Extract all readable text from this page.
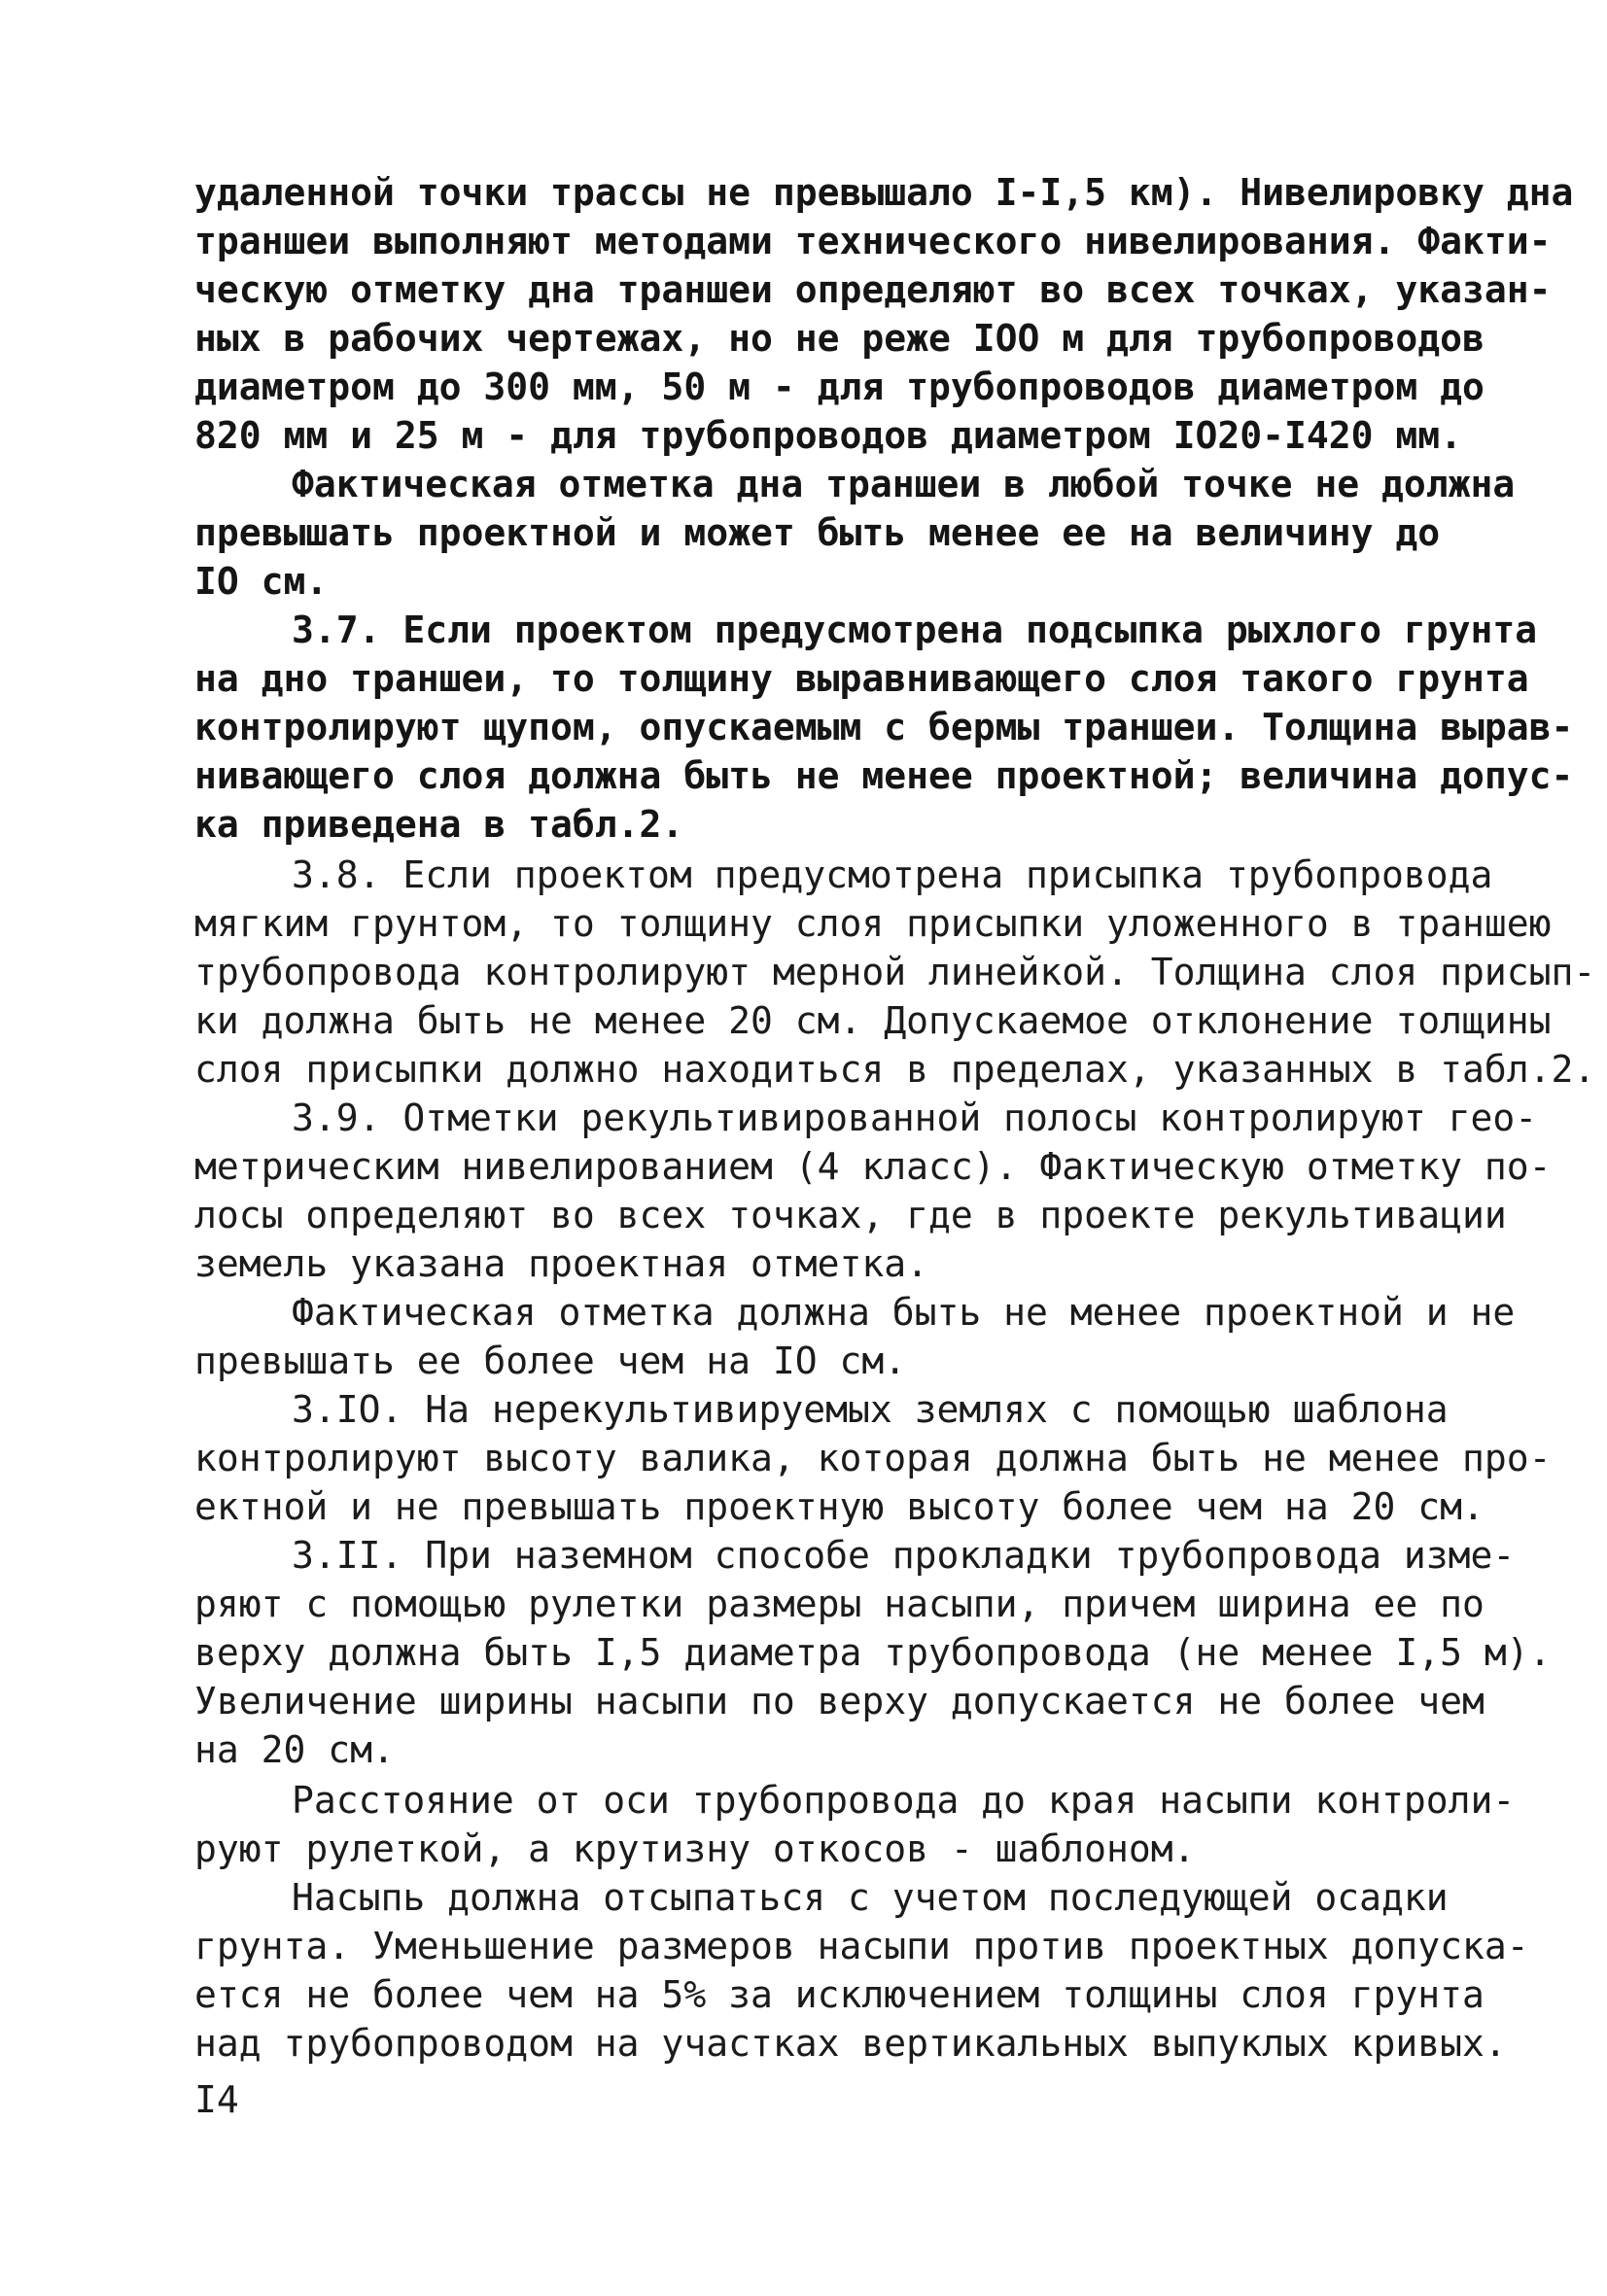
удаленной точки трассы не превышало I-I,5 км). Нивелировку дна
траншеи выполняют методами технического нивелирования. Факти-
ческую отметку дна траншеи определяют во всех точках, указан-
ных в рабочих чертежах, но не реже IOO м для трубопроводов
диаметром до 300 мм, 50 м - для трубопроводов диаметром до
820 мм и 25 м - для трубопроводов диаметром IO20-I420 мм.
Фактическая отметка дна траншеи в любой точке не должна
превышать проектной и может быть менее ее на величину до
IO см.
3.7. Если проектом предусмотрена подсыпка рыхлого грунта
на дно траншеи, то толщину выравнивающего слоя такого грунта
контролируют щупом, опускаемым с бермы траншеи. Толщина вырав-
нивающего слоя должна быть не менее проектной; величина допус-
ка приведена в табл.2.
3.8. Если проектом предусмотрена присыпка трубопровода
мягким грунтом, то толщину слоя присыпки уложенного в траншею
трубопровода контролируют мерной линейкой. Толщина слоя присып-
ки должна быть не менее 20 см. Допускаемое отклонение толщины
слоя присыпки должно находиться в пределах, указанных в табл.2.
3.9. Отметки рекультивированной полосы контролируют гео-
метрическим нивелированием (4 класс). Фактическую отметку по-
лосы определяют во всех точках, где в проекте рекультивации
земель указана проектная отметка.
Фактическая отметка должна быть не менее проектной и не
превышать ее более чем на IO см.
3.IO. На нерекультивируемых землях с помощью шаблона
контролируют высоту валика, которая должна быть не менее про-
ектной и не превышать проектную высоту более чем на 20 см.
3.II. При наземном способе прокладки трубопровода изме-
ряют с помощью рулетки размеры насыпи, причем ширина ее по
верху должна быть I,5 диаметра трубопровода (не менее I,5 м).
Увеличение ширины насыпи по верху допускается не более чем
на 20 см.
Расстояние от оси трубопровода до края насыпи контроли-
руют рулеткой, а крутизну откосов - шаблоном.
Насыпь должна отсыпаться с учетом последующей осадки
грунта. Уменьшение размеров насыпи против проектных допуска-
ется не более чем на 5% за исключением толщины слоя грунта
над трубопроводом на участках вертикальных выпуклых кривых.
I4
